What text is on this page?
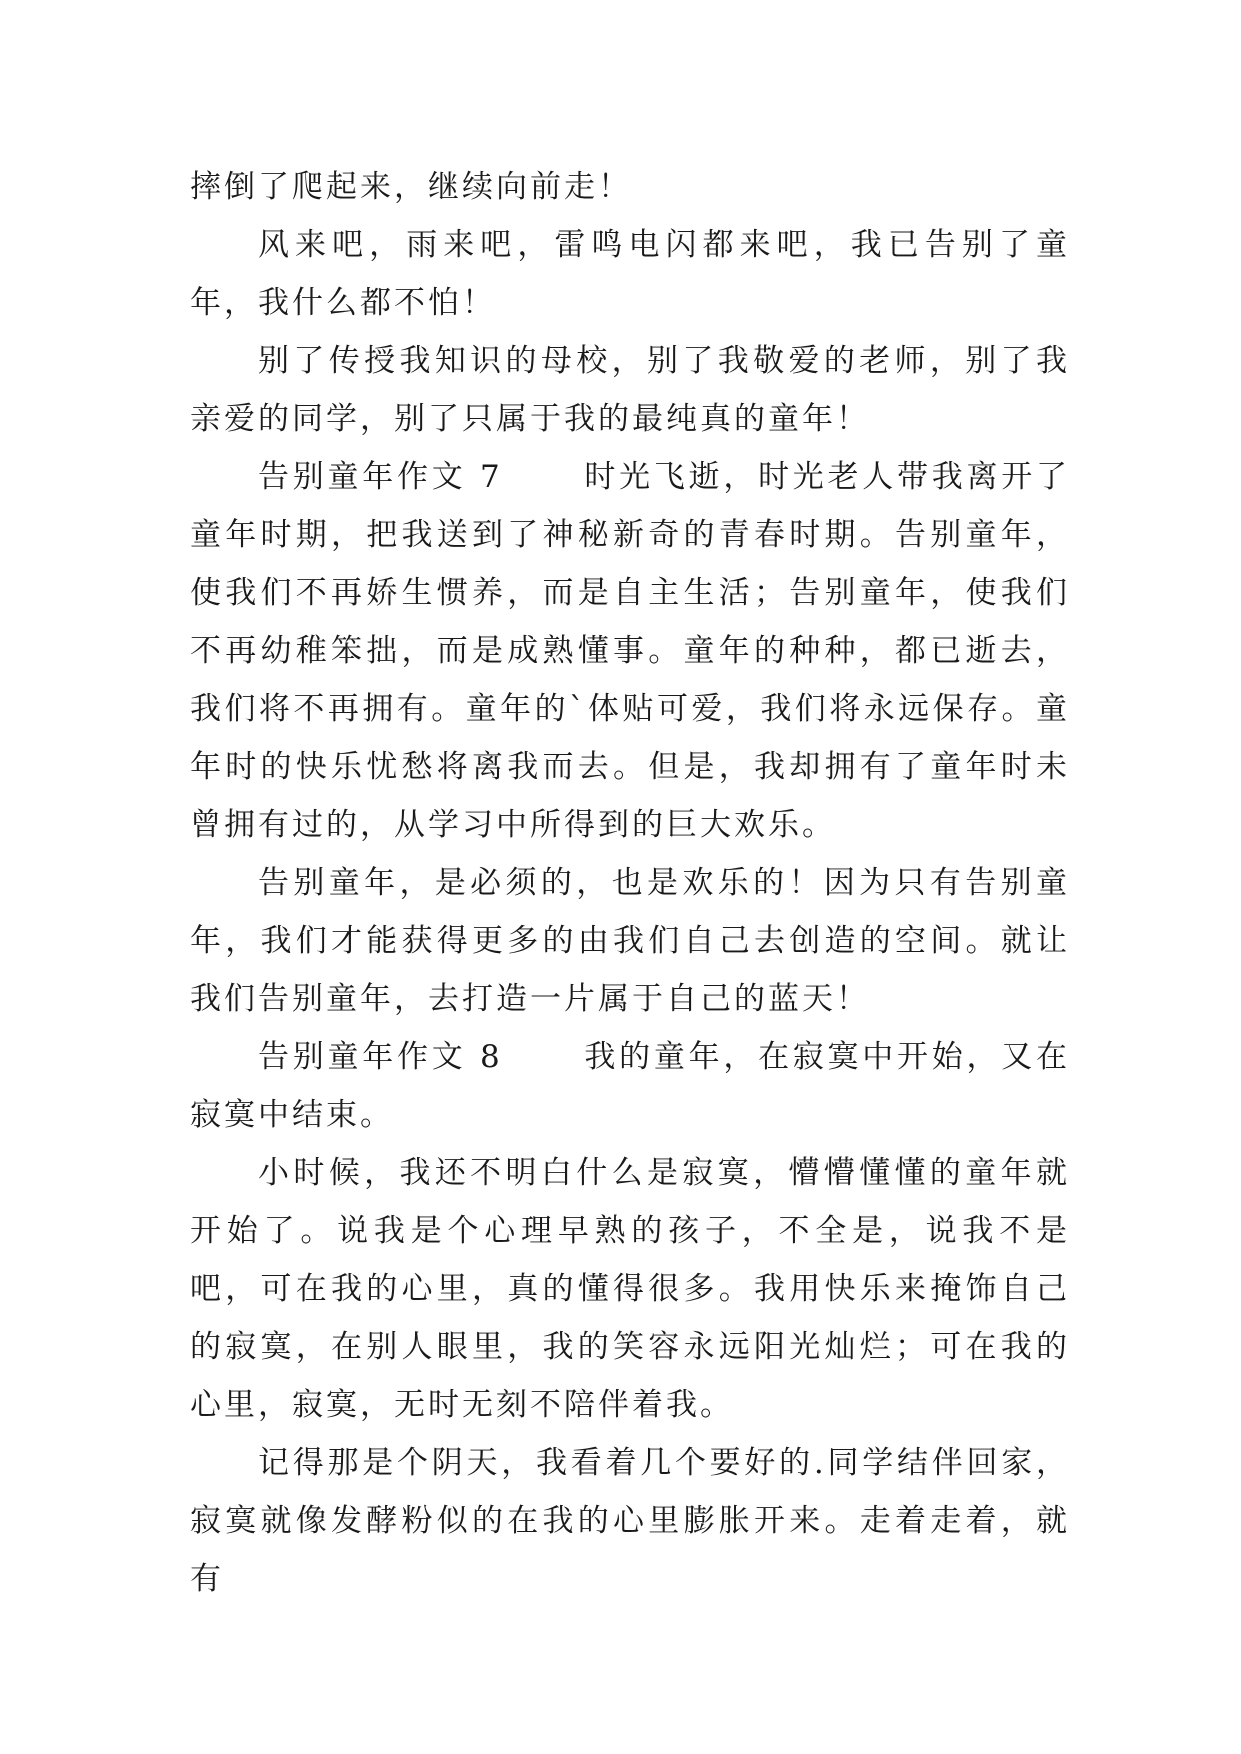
摔倒了爬起来，继续向前走！

风来吧，雨来吧，雷鸣电闪都来吧，我已告别了童年，我什么都不怕！

别了传授我知识的母校，别了我敬爱的老师，别了我亲爱的同学，别了只属于我的最纯真的童年！

告别童年作文 7	时光飞逝，时光老人带我离开了童年时期，把我送到了神秘新奇的青春时期。告别童年，使我们不再娇生惯养，而是自主生活；告别童年，使我们不再幼稚笨拙，而是成熟懂事。童年的种种，都已逝去，我们将不再拥有。童年的`体贴可爱，我们将永远保存。童年时的快乐忧愁将离我而去。但是，我却拥有了童年时未曾拥有过的，从学习中所得到的巨大欢乐。

告别童年，是必须的，也是欢乐的！因为只有告别童年，我们才能获得更多的由我们自己去创造的空间。就让我们告别童年，去打造一片属于自己的蓝天！

告别童年作文 8	我的童年，在寂寞中开始，又在寂寞中结束。

小时候，我还不明白什么是寂寞，懵懵懂懂的童年就开始了。说我是个心理早熟的孩子，不全是，说我不是吧，可在我的心里，真的懂得很多。我用快乐来掩饰自己的寂寞，在别人眼里，我的笑容永远阳光灿烂；可在我的心里，寂寞，无时无刻不陪伴着我。

记得那是个阴天，我看着几个要好的.同学结伴回家，寂寞就像发酵粉似的在我的心里膨胀开来。走着走着，就有
